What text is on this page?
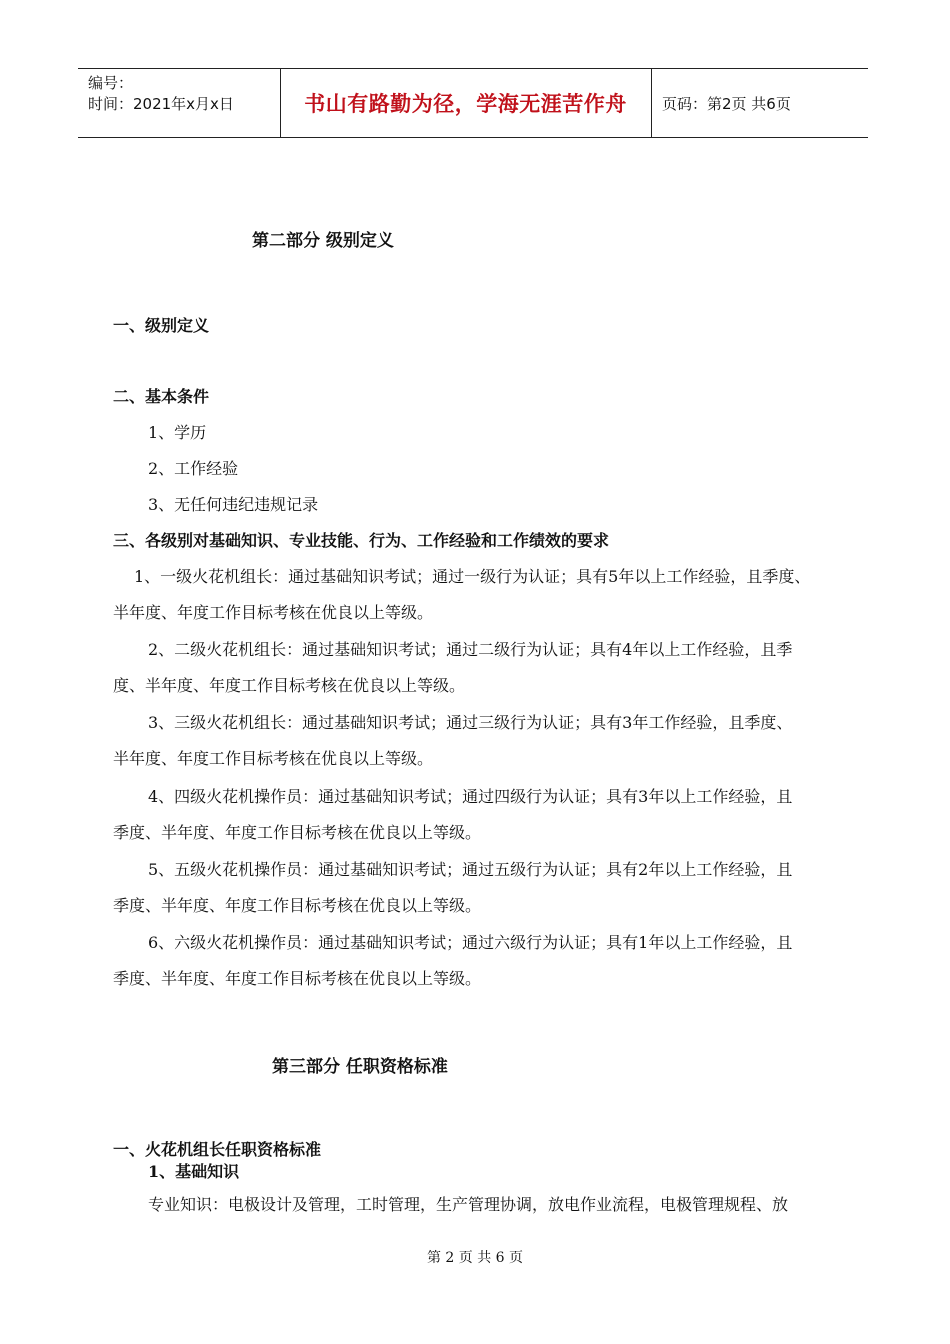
编号：
时间：2021年x月x日	书山有路勤为径，学海无涯苦作舟	页码：第2页 共6页
第二部分 级别定义
一、级别定义
二、基本条件
1、学历
2、工作经验
3、无任何违纪违规记录
三、各级别对基础知识、专业技能、行为、工作经验和工作绩效的要求
1、一级火花机组长：通过基础知识考试；通过一级行为认证；具有5年以上工作经验，且季度、
半年度、年度工作目标考核在优良以上等级。
2、二级火花机组长：通过基础知识考试；通过二级行为认证；具有4年以上工作经验，且季
度、半年度、年度工作目标考核在优良以上等级。
3、三级火花机组长：通过基础知识考试；通过三级行为认证；具有3年工作经验，且季度、
半年度、年度工作目标考核在优良以上等级。
4、四级火花机操作员：通过基础知识考试；通过四级行为认证；具有3年以上工作经验，且
季度、半年度、年度工作目标考核在优良以上等级。
5、五级火花机操作员：通过基础知识考试；通过五级行为认证；具有2年以上工作经验，且
季度、半年度、年度工作目标考核在优良以上等级。
6、六级火花机操作员：通过基础知识考试；通过六级行为认证；具有1年以上工作经验，且
季度、半年度、年度工作目标考核在优良以上等级。
第三部分 任职资格标准
一、火花机组长任职资格标准
1、基础知识
专业知识：电极设计及管理，工时管理，生产管理协调，放电作业流程，电极管理规程、放
第 2 页 共 6 页
